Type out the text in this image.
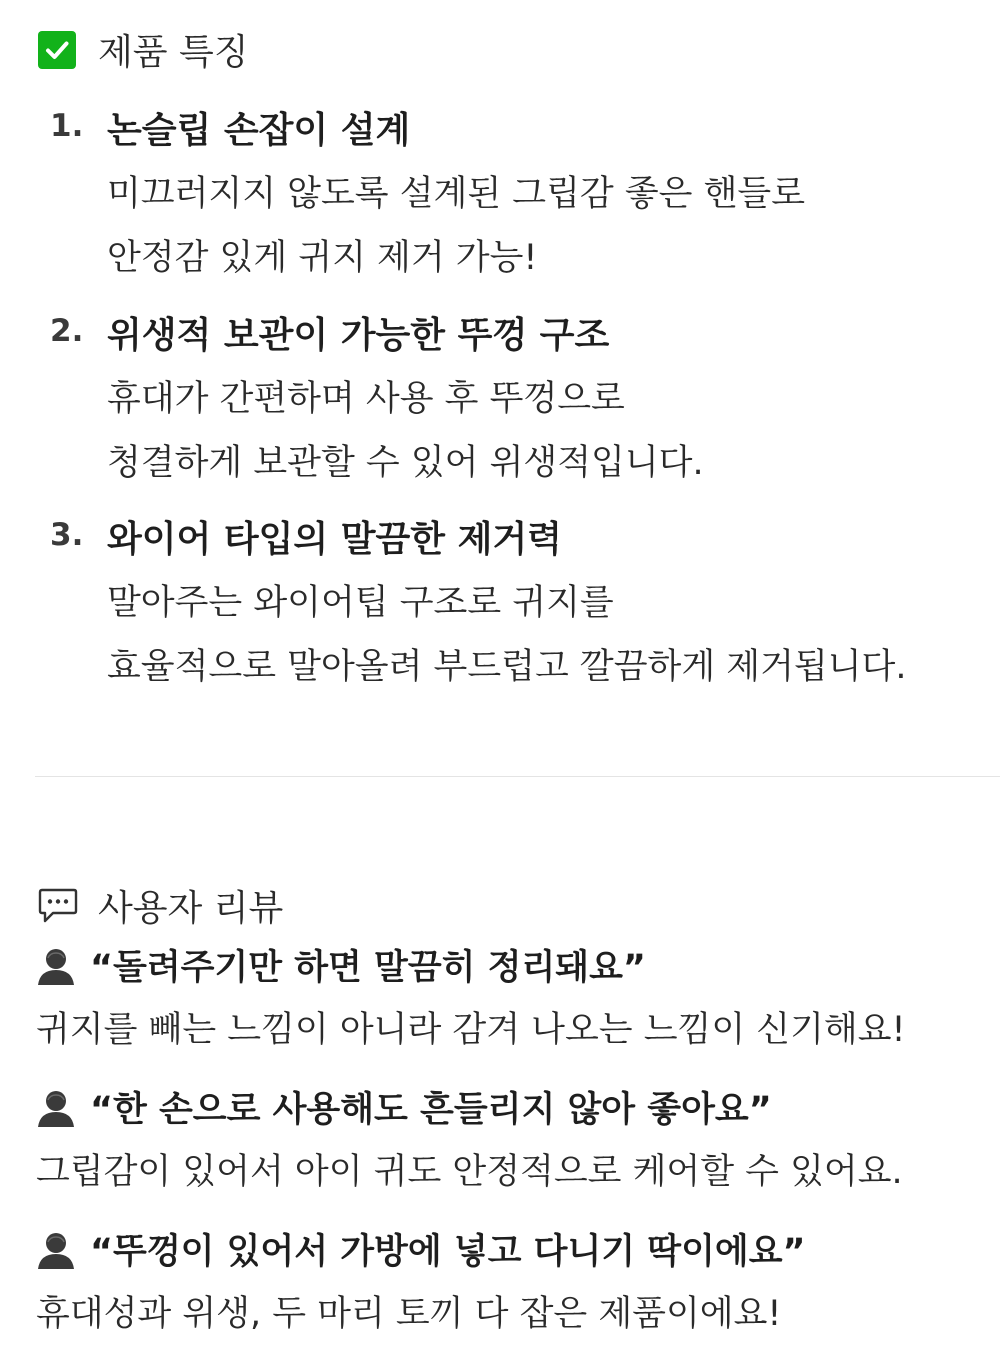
제품 특징
1. 논슬립 손잡이 설계
미끄러지지 않도록 설계된 그립감 좋은 핸들로
안정감 있게 귀지 제거 가능!
2. 위생적 보관이 가능한 뚜껑 구조
휴대가 간편하며 사용 후 뚜껑으로
청결하게 보관할 수 있어 위생적입니다.
3. 와이어 타입의 말끔한 제거력
말아주는 와이어팁 구조로 귀지를
효율적으로 말아올려 부드럽고 깔끔하게 제거됩니다.
사용자 리뷰
“돌려주기만 하면 말끔히 정리돼요”
귀지를 빼는 느낌이 아니라 감겨 나오는 느낌이 신기해요!
“한 손으로 사용해도 흔들리지 않아 좋아요”
그립감이 있어서 아이 귀도 안정적으로 케어할 수 있어요.
“뚜껑이 있어서 가방에 넣고 다니기 딱이에요”
휴대성과 위생, 두 마리 토끼 다 잡은 제품이에요!
